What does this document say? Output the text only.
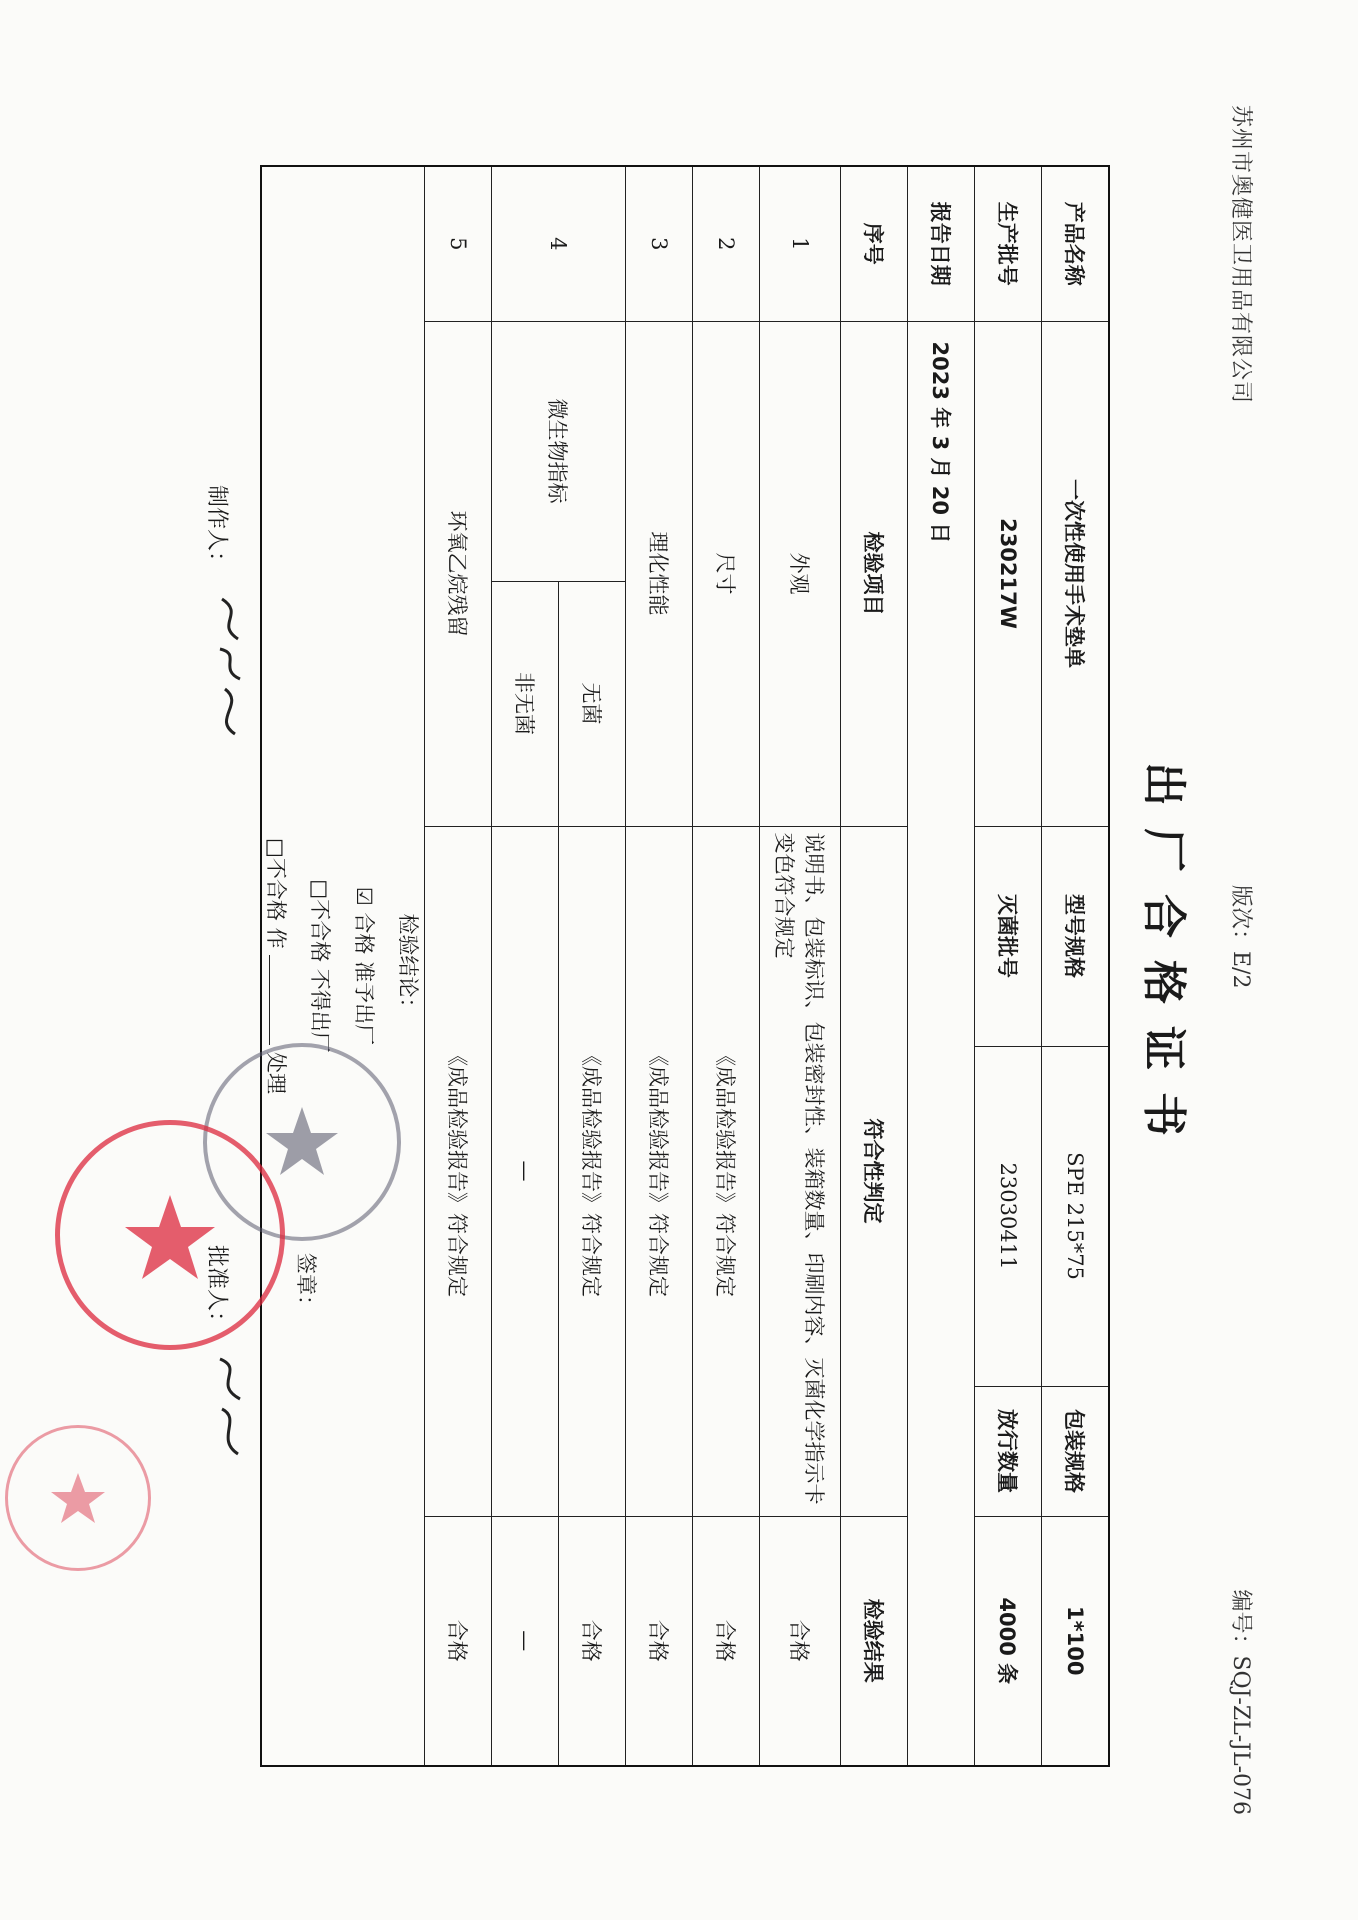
苏州市奥健医卫用品有限公司
版次：E/2
编号：SQJ-ZL-JL-076
出厂合格证书
产品名称	一次性使用手术垫单		型号规格	SPE 215*75	包装规格	1*100
生产批号	230217W		灭菌批号	23030411	放行数量	4000 条
报告日期	2023 年 3 月 20 日					
序号	检验项目		符合性判定			检验结果
1	外观		说明书、包装标识、包装密封性、装箱数量、印刷内容、灭菌化学指示卡变色符合规定			合格
2	尺寸		《成品检验报告》符合规定			合格
3	理化性能		《成品检验报告》符合规定			合格
4	微生物指标	无菌	《成品检验报告》符合规定			合格
		非无菌	—			—
5	环氧乙烷残留		《成品检验报告》符合规定			合格

检验结论：
☑ 合格 准予出厂
□不合格 不得出厂
□不合格 作  处理
签章：						
制作人：
批准人：
